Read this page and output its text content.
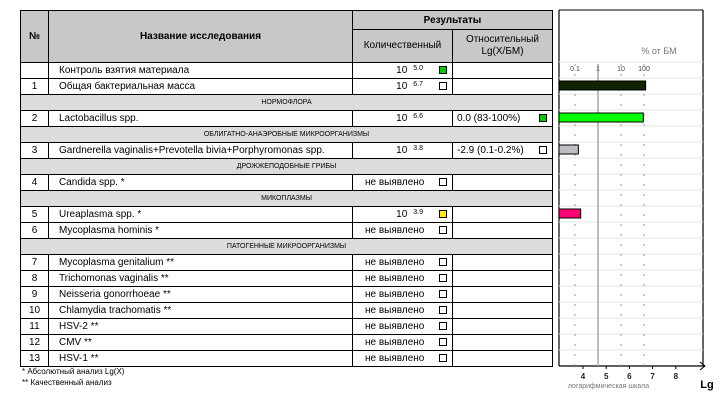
№	Название исследования	Результаты	
		Количественный	Относительный
Lg(X/БМ)

	Контроль взятия материала	10 $^{5.0}$

1	Общая бактериальная масса	10 $^{6.7}$

НОРМОФЛОРА			
2	Lactobacillus spp.	10 $^{6.6}$	0.0 (83-100%)

ОБЛИГАТНО-АНАЭРОБНЫЕ МИКРООРГАНИЗМЫ			
3	Gardnerella vaginalis+Prevotella bivia+Porphyromonas spp.	10 $^{3.8}$	-2.9 (0.1-0.2%)

ДРОЖЖЕПОДОБНЫЕ ГРИБЫ			
4	Candida spp. *	не выявлено	

МИКОПЛАЗМЫ			
5	Ureaplasma spp. *	10 $^{3.9}$

6	Mycoplasma hominis *	не выявлено	

ПАТОГЕННЫЕ МИКРООРГАНИЗМЫ			
7	Mycoplasma genitalium **	не выявлено	

8	Trichomonas vaginalis **	не выявлено	

9	Neisseria gonorrhoeae **	не выявлено	

10	Chlamydia trachomatis **	не выявлено	

11	HSV-2 **	не выявлено	

12	CMV **	не выявлено	

13	HSV-1 **	не выявлено	

* Абсолютный анализ Lg(X)
** Качественный анализ
0.1 1 10 100
% от БМ
4 5 6 7 8
логарифмическая шкала	Lg
